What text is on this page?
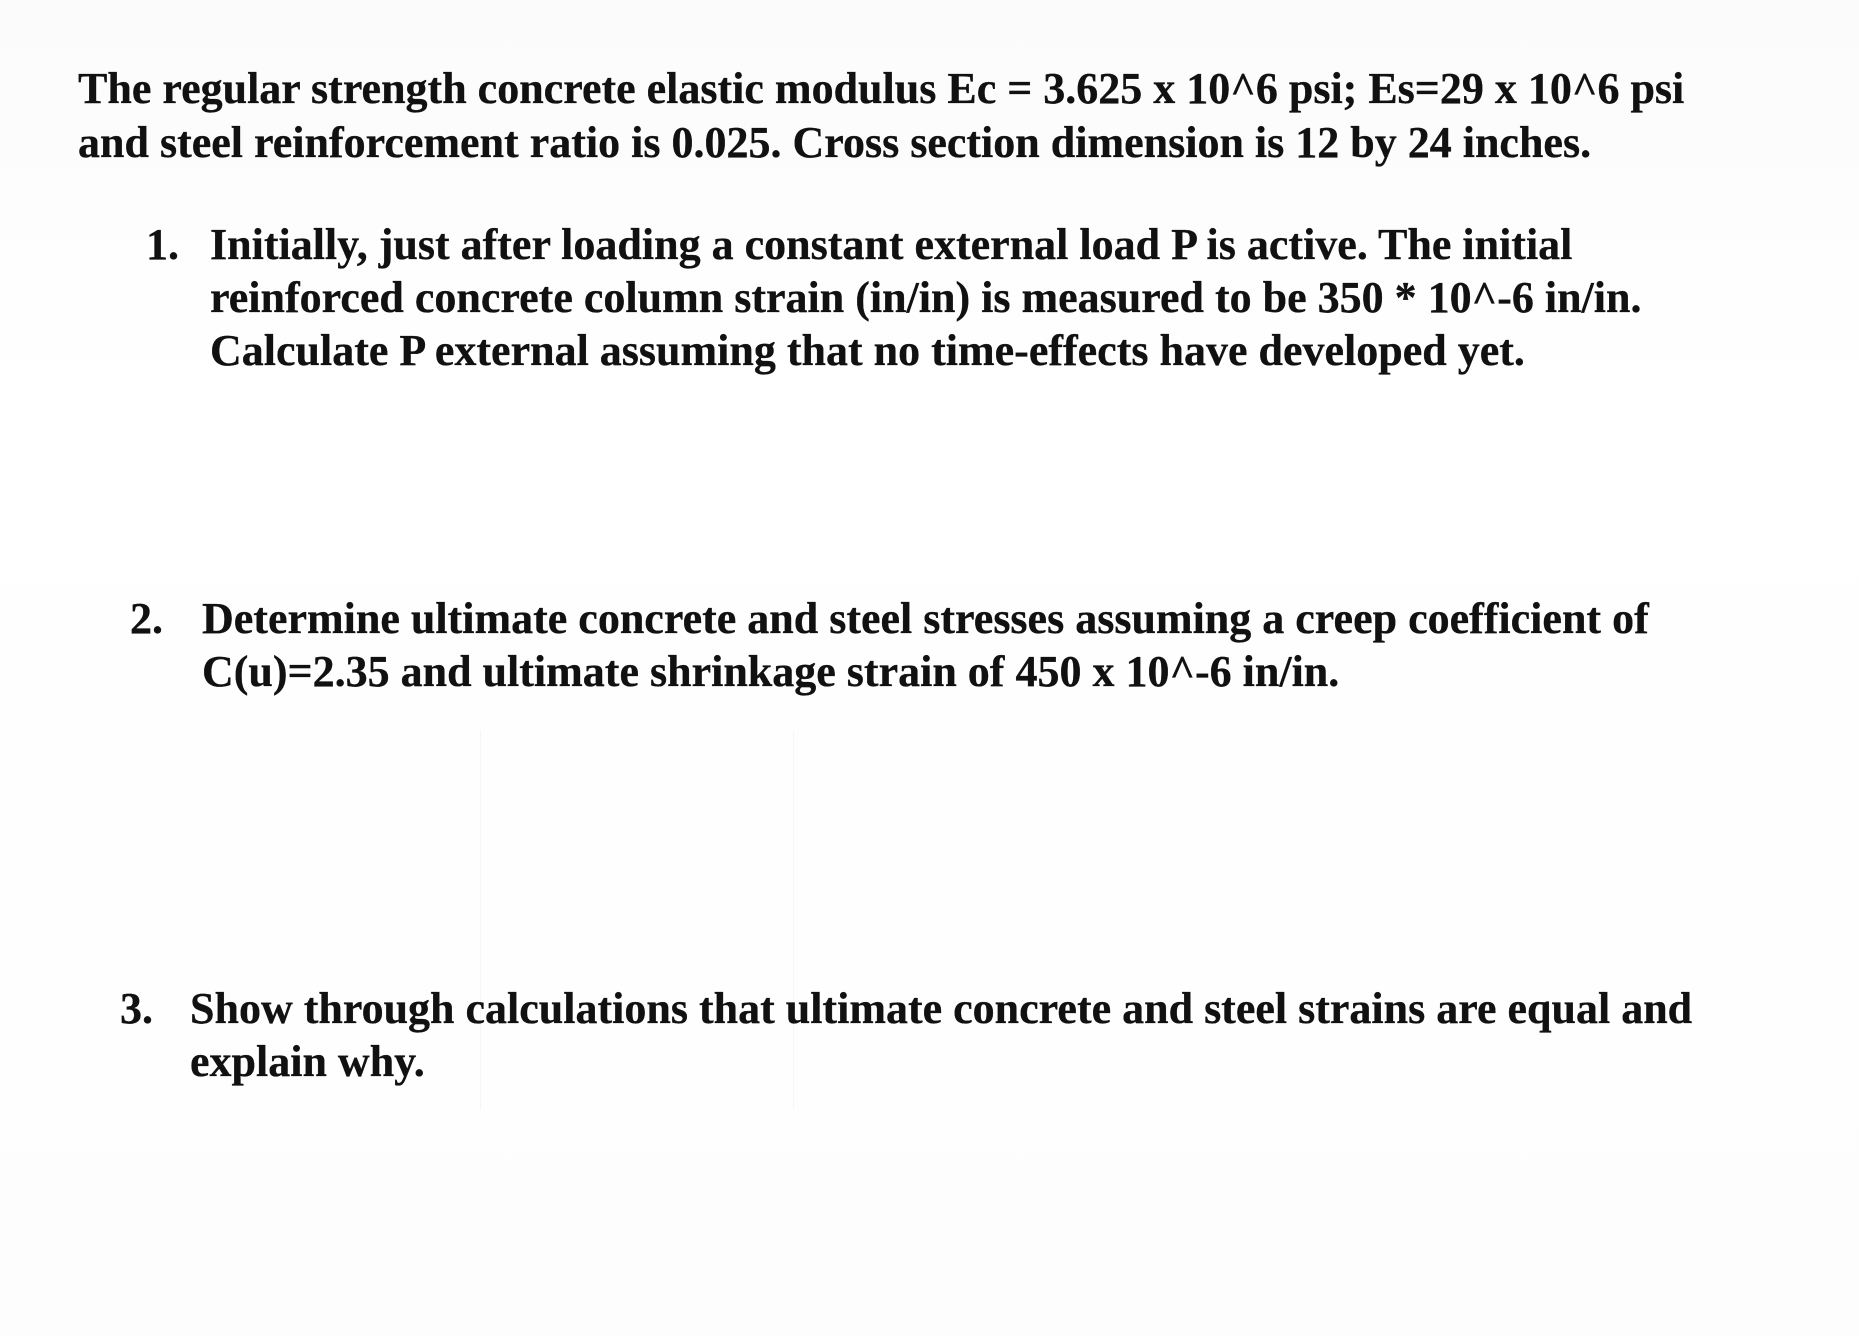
The regular strength concrete elastic modulus Ec = 3.625 x 10^6 psi; Es=29 x 10^6 psi
and steel reinforcement ratio is 0.025. Cross section dimension is 12 by 24 inches.
1. Initially, just after loading a constant external load P is active. The initial
reinforced concrete column strain (in/in) is measured to be 350 * 10^-6 in/in.
Calculate P external assuming that no time-effects have developed yet.
2. Determine ultimate concrete and steel stresses assuming a creep coefficient of
C(u)=2.35 and ultimate shrinkage strain of 450 x 10^-6 in/in.
3. Show through calculations that ultimate concrete and steel strains are equal and
explain why.
